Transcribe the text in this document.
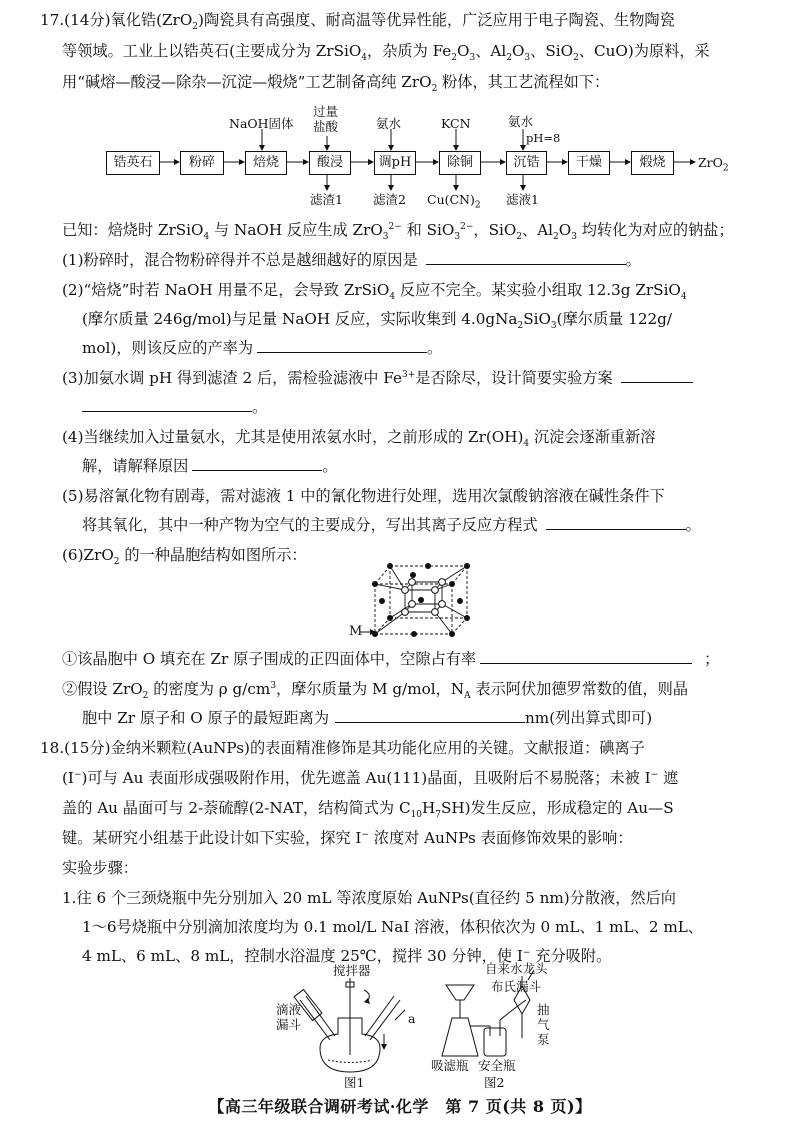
17.(14分)氧化锆(ZrO$_2$)陶瓷具有高强度、耐高温等优异性能，广泛应用于电子陶瓷、生物陶瓷
等领域。工业上以锆英石(主要成分为 ZrSiO$_4$，杂质为 $Fe_2O_3$、$Al_2O_3$、SiO$_2$、CuO)为原料，采
用“碱熔—酸浸—除杂—沉淀—煅烧”工艺制备高纯 ZrO$_2$ 粉体，其工艺流程如下：
锆英石	粉碎	焙烧	酸浸	调pH	除铜	沉锆	干燥	煅烧	ZrO$_2$
NaOH固体
过量
盐酸	氨水	KCN	氨水
pH=8
滤渣1 滤渣2 $Cu(CN)_2$ 滤液1
已知：焙烧时 ZrSiO$_4$ 与 NaOH 反应生成 ZrO$_3^{2-}$ 和 SiO$_3^{2-}$，SiO$_2$、$Al_2O_3$ 均转化为对应的钠盐；
(1)粉碎时，混合物粉碎得并不总是越细越好的原因是	。
(2)“焙烧”时若 NaOH 用量不足，会导致 ZrSiO$_4$ 反应不完全。某实验小组取 12.3g ZrSiO$_4$
(摩尔质量 246g/mol)与足量 NaOH 反应，实际收集到 4.0gNa$_2$SiO$_3$(摩尔质量 122g/
mol)，则该反应的产率为	。
(3)加氨水调 pH 得到滤渣 2 后，需检验滤液中 $Fe^{3+}$是否除尽，设计简要实验方案
。
(4)当继续加入过量氨水，尤其是使用浓氨水时，之前形成的 $Zr(OH)_4$ 沉淀会逐渐重新溶
解，请解释原因	。
(5)易溶氰化物有剧毒，需对滤液 1 中的氰化物进行处理，选用次氯酸钠溶液在碱性条件下
将其氧化，其中一种产物为空气的主要成分，写出其离子反应方程式	。
(6)ZrO$_2$ 的一种晶胞结构如图所示：
M
①该晶胞中 O 填充在 Zr 原子围成的正四面体中，空隙占有率	；
②假设 ZrO$_2$ 的密度为 ρ $g/cm^3$，摩尔质量为 M g/mol，$N_A$ 表示阿伏加德罗常数的值，则晶
胞中 Zr 原子和 O 原子的最短距离为	nm(列出算式即可)
18.(15分)金纳米颗粒(AuNPs)的表面精准修饰是其功能化应用的关键。文献报道：碘离子
(I−)可与 Au 表面形成强吸附作用，优先遮盖 Au(111)晶面，且吸附后不易脱落；未被 I− 遮
盖的 Au 晶面可与 2-萘硫醇(2-NAT，结构简式为 $C_{10}H_7SH$)发生反应，形成稳定的 Au—S
键。某研究小组基于此设计如下实验，探究 I− 浓度对 AuNPs 表面修饰效果的影响：
实验步骤：
1.往 6 个三颈烧瓶中先分别加入 20 mL 等浓度原始 AuNPs(直径约 5 nm)分散液，然后向
1～6号烧瓶中分别滴加浓度均为 0.1 mol/L NaI 溶液，体积依次为 0 mL、1 mL、2 mL、
4 mL、6 mL、8 mL，控制水浴温度 25℃，搅拌 30 分钟，使 I− 充分吸附。
搅拌器
滴液
漏斗	a
图1
自来水龙头
布氏漏斗
抽
气
泵
吸滤瓶 安全瓶
图2
【高三年级联合调研考试·化学　第 7 页(共 8 页)】
